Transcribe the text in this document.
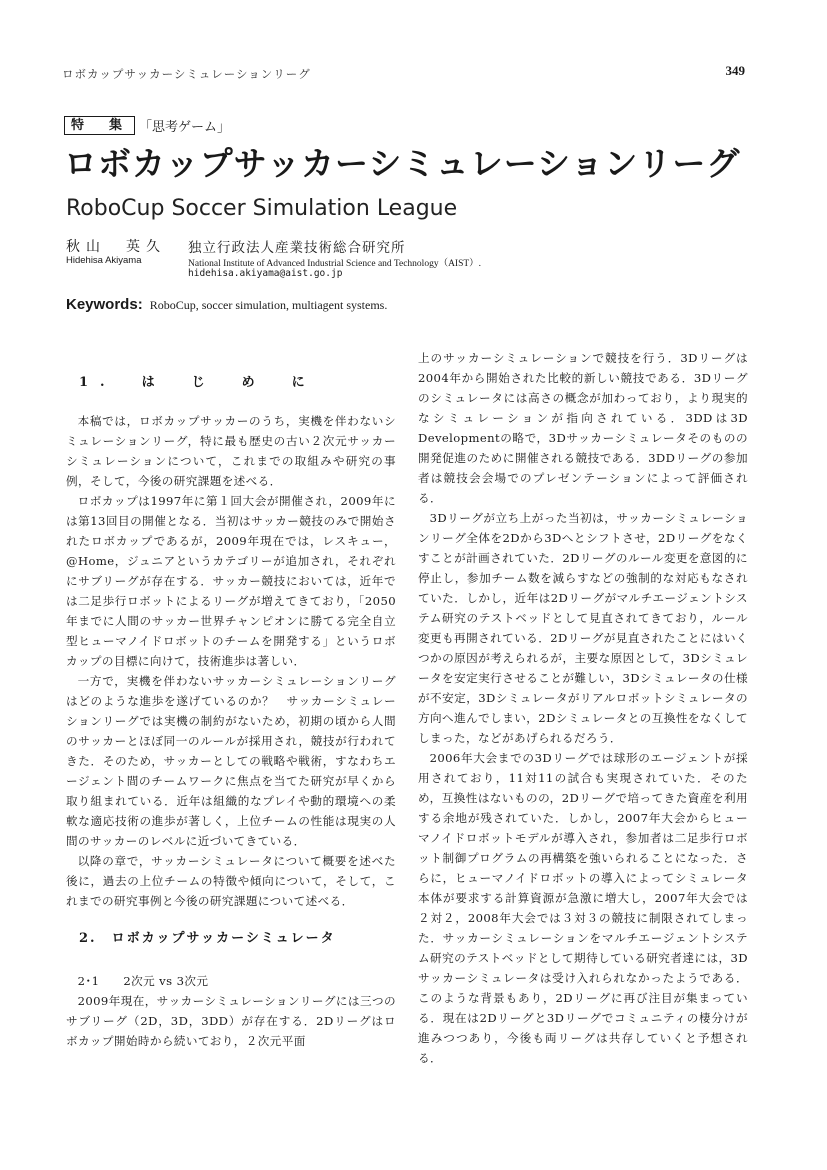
ロボカップサッカーシミュレーションリーグ	349
特　集 「思考ゲーム」
ロボカップサッカーシミュレーションリーグ
RoboCup Soccer Simulation League
秋山　英久
Hidehisa Akiyama
独立行政法人産業技術総合研究所
National Institute of Advanced Industrial Science and Technology（AIST）.
hidehisa.akiyama@aist.go.jp
Keywords: RoboCup, soccer simulation, multiagent systems.

1.　は　じ　め　に

本稿では，ロボカップサッカーのうち，実機を伴わないシミュレーションリーグ，特に最も歴史の古い２次元サッカーシミュレーションについて，これまでの取組みや研究の事例，そして，今後の研究課題を述べる．

ロボカップは1997年に第１回大会が開催され，2009年には第13回目の開催となる．当初はサッカー競技のみで開始されたロボカップであるが，2009年現在では，レスキュー，@Home，ジュニアというカテゴリーが追加され，それぞれにサブリーグが存在する．サッカー競技においては，近年では二足歩行ロボットによるリーグが増えてきており，「2050年までに人間のサッカー世界チャンピオンに勝てる完全自立型ヒューマノイドロボットのチームを開発する」というロボカップの目標に向けて，技術進歩は著しい．

一方で，実機を伴わないサッカーシミュレーションリーグはどのような進歩を遂げているのか？　サッカーシミュレーションリーグでは実機の制約がないため，初期の頃から人間のサッカーとほぼ同一のルールが採用され，競技が行われてきた．そのため，サッカーとしての戦略や戦術，すなわちエージェント間のチームワークに焦点を当てた研究が早くから取り組まれている．近年は組織的なプレイや動的環境への柔軟な適応技術の進歩が著しく，上位チームの性能は現実の人間のサッカーのレベルに近づいてきている．

以降の章で，サッカーシミュレータについて概要を述べた後に，過去の上位チームの特徴や傾向について，そして，これまでの研究事例と今後の研究課題について述べる．

2.　ロボカップサッカーシミュレータ

2･1　　2次元 vs 3次元

2009年現在，サッカーシミュレーションリーグには三つのサブリーグ（2D，3D，3DD）が存在する．2Dリーグはロボカップ開始時から続いており，２次元平面

上のサッカーシミュレーションで競技を行う．3Dリーグは2004年から開始された比較的新しい競技である．3Dリーグのシミュレータには高さの概念が加わっており，より現実的なシミュレーションが指向されている．3DDは3D Developmentの略で，3Dサッカーシミュレータそのものの開発促進のために開催される競技である．3DDリーグの参加者は競技会会場でのプレゼンテーションによって評価される．

3Dリーグが立ち上がった当初は，サッカーシミュレーションリーグ全体を2Dから3Dへとシフトさせ，2Dリーグをなくすことが計画されていた．2Dリーグのルール変更を意図的に停止し，参加チーム数を減らすなどの強制的な対応もなされていた．しかし，近年は2Dリーグがマルチエージェントシステム研究のテストベッドとして見直されてきており，ルール変更も再開されている．2Dリーグが見直されたことにはいくつかの原因が考えられるが，主要な原因として，3Dシミュレータを安定実行させることが難しい，3Dシミュレータの仕様が不安定，3Dシミュレータがリアルロボットシミュレータの方向へ進んでしまい，2Dシミュレータとの互換性をなくしてしまった，などがあげられるだろう．

2006年大会までの3Dリーグでは球形のエージェントが採用されており，11対11の試合も実現されていた．そのため，互換性はないものの，2Dリーグで培ってきた資産を利用する余地が残されていた．しかし，2007年大会からヒューマノイドロボットモデルが導入され，参加者は二足歩行ロボット制御プログラムの再構築を強いられることになった．さらに，ヒューマノイドロボットの導入によってシミュレータ本体が要求する計算資源が急激に増大し，2007年大会では２対２，2008年大会では３対３の競技に制限されてしまった．サッカーシミュレーションをマルチエージェントシステム研究のテストベッドとして期待している研究者達には，3Dサッカーシミュレータは受け入れられなかったようである．このような背景もあり，2Dリーグに再び注目が集まっている．現在は2Dリーグと3Dリーグでコミュニティの棲分けが進みつつあり，今後も両リーグは共存していくと予想される．
